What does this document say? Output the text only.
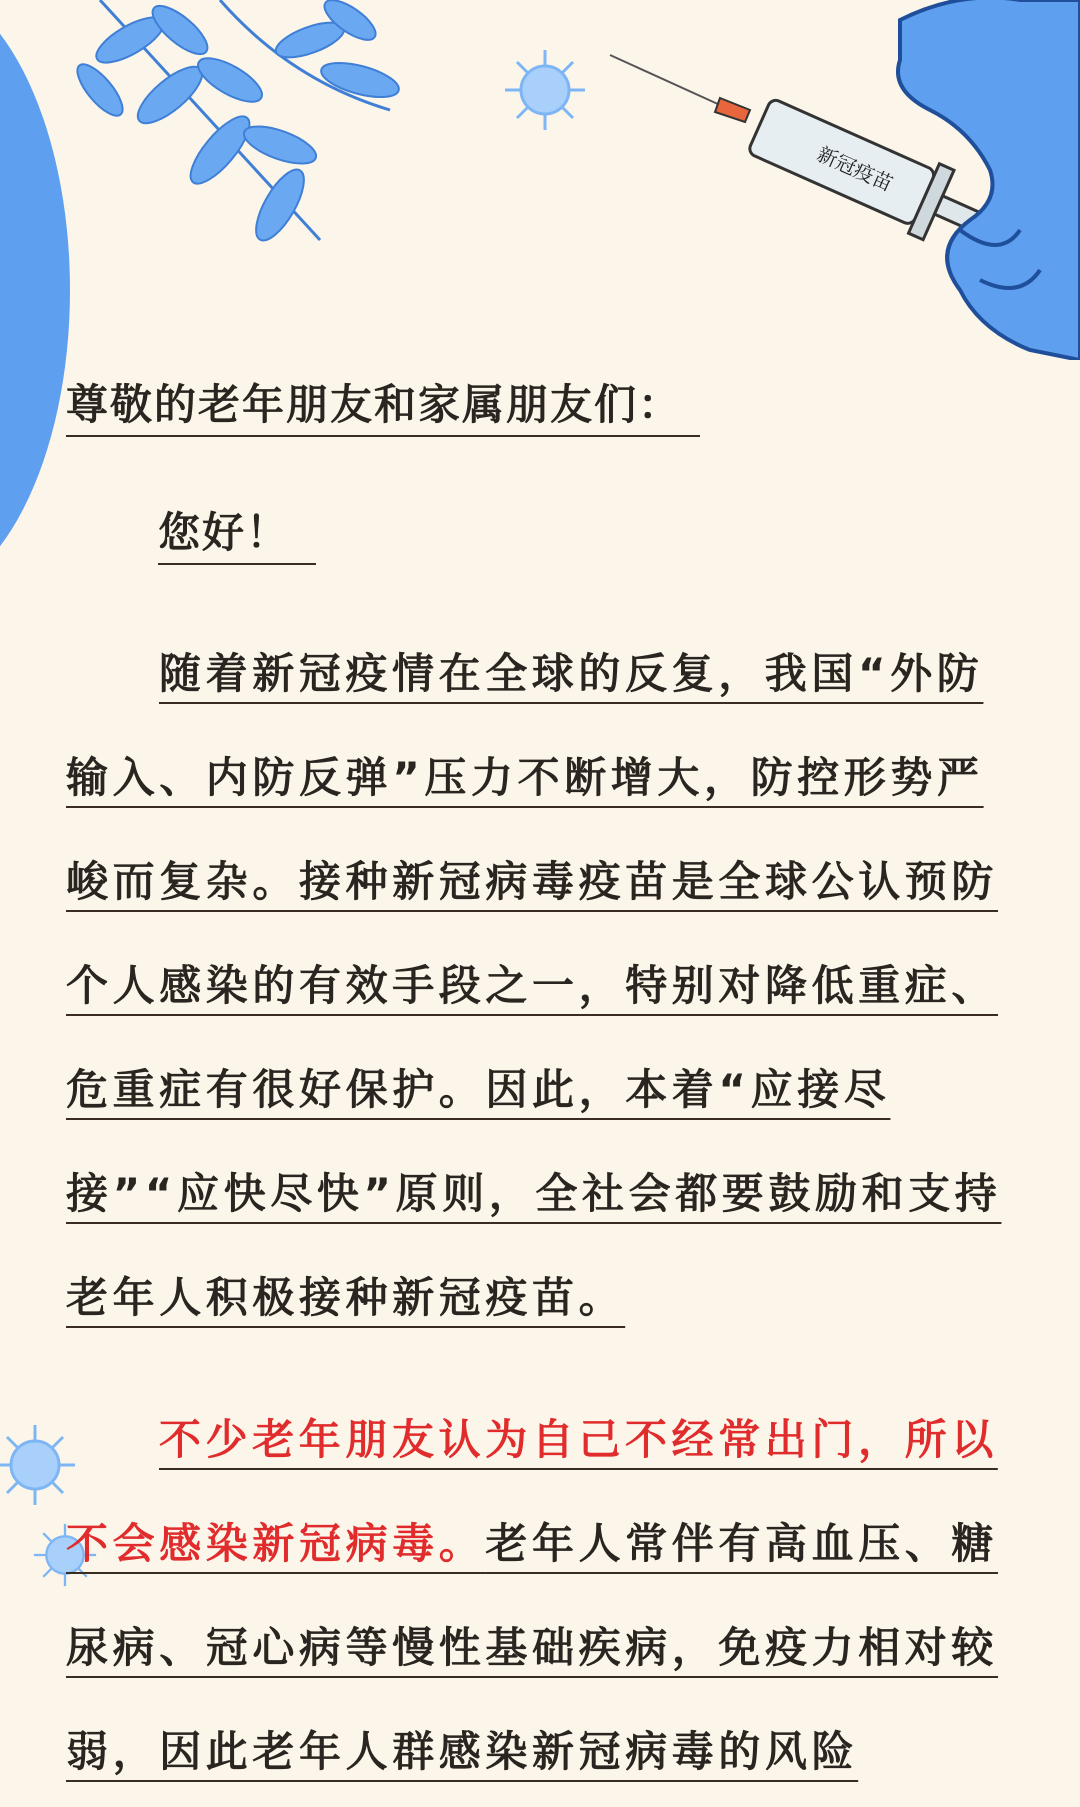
新冠疫苗
尊敬的老年朋友和家属朋友们：
您好！

随着新冠疫情在全球的反复，我国“外防输入、内防反弹”压力不断增大，防控形势严峻而复杂。接种新冠病毒疫苗是全球公认预防个人感染的有效手段之一，特别对降低重症、危重症有很好保护。因此，本着“应接尽接”“应快尽快”原则，全社会都要鼓励和支持老年人积极接种新冠疫苗。

不少老年朋友认为自己不经常出门，所以不会感染新冠病毒。老年人常伴有高血压、糖尿病、冠心病等慢性基础疾病，免疫力相对较弱，因此老年人群感染新冠病毒的风险
